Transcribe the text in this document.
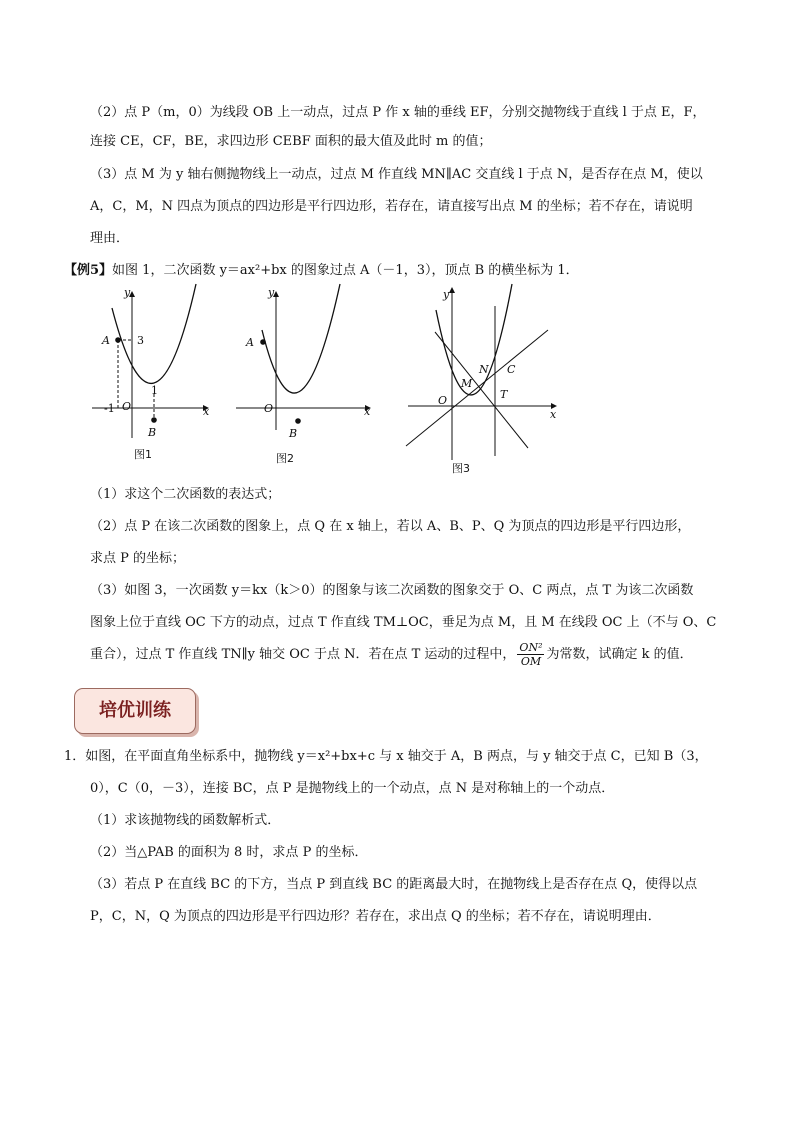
（2）点 P（m，0）为线段 OB 上一动点，过点 P 作 x 轴的垂线 EF，分别交抛物线于直线 l 于点 E，F，
连接 CE，CF，BE，求四边形 CEBF 面积的最大值及此时 m 的值；
（3）点 M 为 y 轴右侧抛物线上一动点，过点 M 作直线 MN∥AC 交直线 l 于点 N，是否存在点 M，使以
A，C，M，N 四点为顶点的四边形是平行四边形，若存在，请直接写出点 M 的坐标；若不存在，请说明
理由．
【例5】如图 1，二次函数 y＝ax²+bx 的图象过点 A（－1，3），顶点 B 的横坐标为 1．
y
x
O
A
B
3
-1
1
图1
y
x
O
A
B
图2
y
x
O
M
N C
T
图3
（1）求这个二次函数的表达式；
（2）点 P 在该二次函数的图象上，点 Q 在 x 轴上，若以 A、B、P、Q 为顶点的四边形是平行四边形，
求点 P 的坐标；
（3）如图 3，一次函数 y＝kx（k＞0）的图象与该二次函数的图象交于 O、C 两点，点 T 为该二次函数
图象上位于直线 OC 下方的动点，过点 T 作直线 TM⊥OC，垂足为点 M，且 M 在线段 OC 上（不与 O、C
重合），过点 T 作直线 TN∥y 轴交 OC 于点 N．若在点 T 运动的过程中， $\frac{\text{ON²}}{OM}$ 为常数，试确定 k 的值．
培优训练
1．如图，在平面直角坐标系中，抛物线 y＝x²+bx+c 与 x 轴交于 A，B 两点，与 y 轴交于点 C，已知 B（3，
0），C（0，－3），连接 BC，点 P 是抛物线上的一个动点，点 N 是对称轴上的一个动点．
（1）求该抛物线的函数解析式．
（2）当△PAB 的面积为 8 时，求点 P 的坐标．
（3）若点 P 在直线 BC 的下方，当点 P 到直线 BC 的距离最大时，在抛物线上是否存在点 Q，使得以点
P，C，N，Q 为顶点的四边形是平行四边形？若存在，求出点 Q 的坐标；若不存在，请说明理由．
